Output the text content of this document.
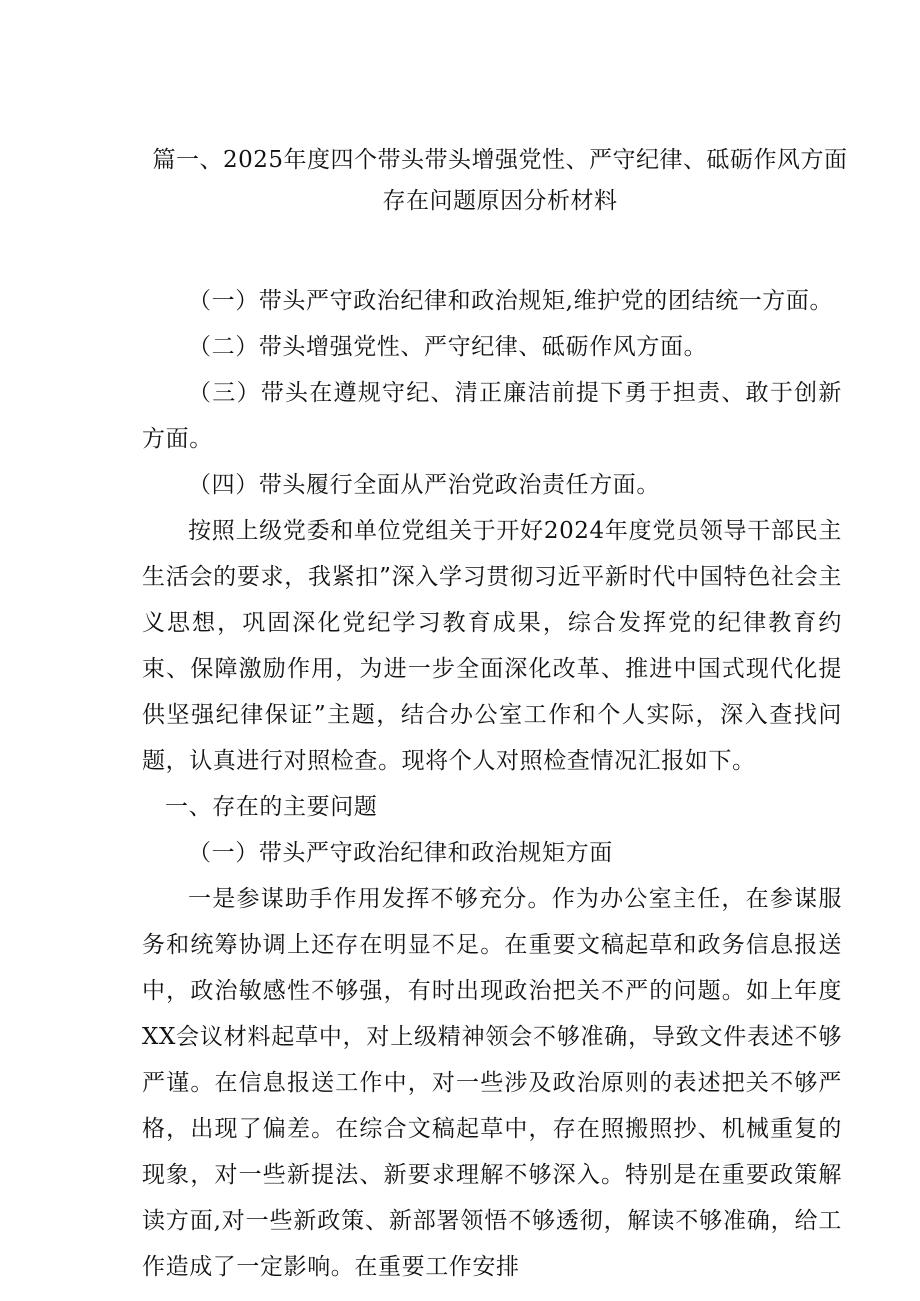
篇一、2025年度四个带头带头增强党性、严守纪律、砥砺作风方面
存在问题原因分析材料

（一）带头严守政治纪律和政治规矩,维护党的团结统一方面。

（二）带头增强党性、严守纪律、砥砺作风方面。

（三）带头在遵规守纪、清正廉洁前提下勇于担责、敢于创新方面。

（四）带头履行全面从严治党政治责任方面。

按照上级党委和单位党组关于开好2024年度党员领导干部民主生活会的要求，我紧扣”深入学习贯彻习近平新时代中国特色社会主义思想，巩固深化党纪学习教育成果，综合发挥党的纪律教育约束、保障激励作用，为进一步全面深化改革、推进中国式现代化提供坚强纪律保证”主题，结合办公室工作和个人实际，深入查找问题，认真进行对照检查。现将个人对照检查情况汇报如下。

一、存在的主要问题

（一）带头严守政治纪律和政治规矩方面

一是参谋助手作用发挥不够充分。作为办公室主任，在参谋服务和统筹协调上还存在明显不足。在重要文稿起草和政务信息报送中，政治敏感性不够强，有时出现政治把关不严的问题。如上年度XX会议材料起草中，对上级精神领会不够准确，导致文件表述不够严谨。在信息报送工作中，对一些涉及政治原则的表述把关不够严格，出现了偏差。在综合文稿起草中，存在照搬照抄、机械重复的现象，对一些新提法、新要求理解不够深入。特别是在重要政策解读方面,对一些新政策、新部署领悟不够透彻，解读不够准确，给工作造成了一定影响。在重要工作安排
